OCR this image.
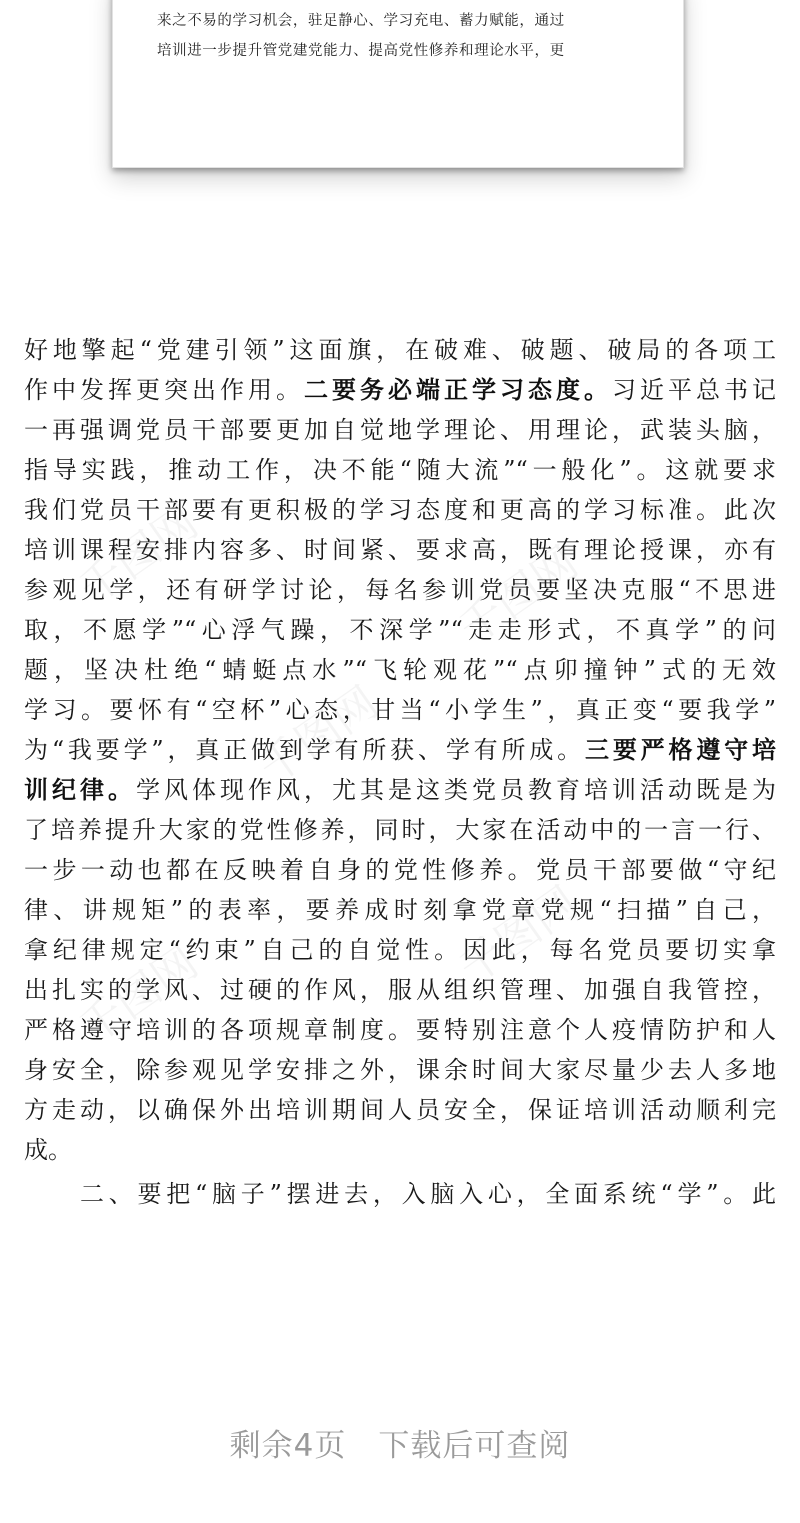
来之不易的学习机会，驻足静心、学习充电、蓄力赋能，通过
培训进一步提升管党建党能力、提高党性修养和理论水平，更
千图网	千图网
千图网
千图网
千图网
好地擎起“党建引领”这面旗，在破难、破题、破局的各项工
作中发挥更突出作用。二要务必端正学习态度。习近平总书记
一再强调党员干部要更加自觉地学理论、用理论，武装头脑，
指导实践，推动工作，决不能“随大流”“一般化”。这就要求
我们党员干部要有更积极的学习态度和更高的学习标准。此次
培训课程安排内容多、时间紧、要求高，既有理论授课，亦有
参观见学，还有研学讨论，每名参训党员要坚决克服“不思进
取，不愿学”“心浮气躁，不深学”“走走形式，不真学”的问
题，坚决杜绝“蜻蜓点水”“飞轮观花”“点卯撞钟”式的无效
学习。要怀有“空杯”心态，甘当“小学生”，真正变“要我学”
为“我要学”，真正做到学有所获、学有所成。三要严格遵守培
训纪律。学风体现作风，尤其是这类党员教育培训活动既是为
了培养提升大家的党性修养，同时，大家在活动中的一言一行、
一步一动也都在反映着自身的党性修养。党员干部要做“守纪
律、讲规矩”的表率，要养成时刻拿党章党规“扫描”自己，
拿纪律规定“约束”自己的自觉性。因此，每名党员要切实拿
出扎实的学风、过硬的作风，服从组织管理、加强自我管控，
严格遵守培训的各项规章制度。要特别注意个人疫情防护和人
身安全，除参观见学安排之外，课余时间大家尽量少去人多地
方走动，以确保外出培训期间人员安全，保证培训活动顺利完
成。
二、要把“脑子”摆进去，入脑入心，全面系统“学”。此
剩余4页 下载后可查阅
